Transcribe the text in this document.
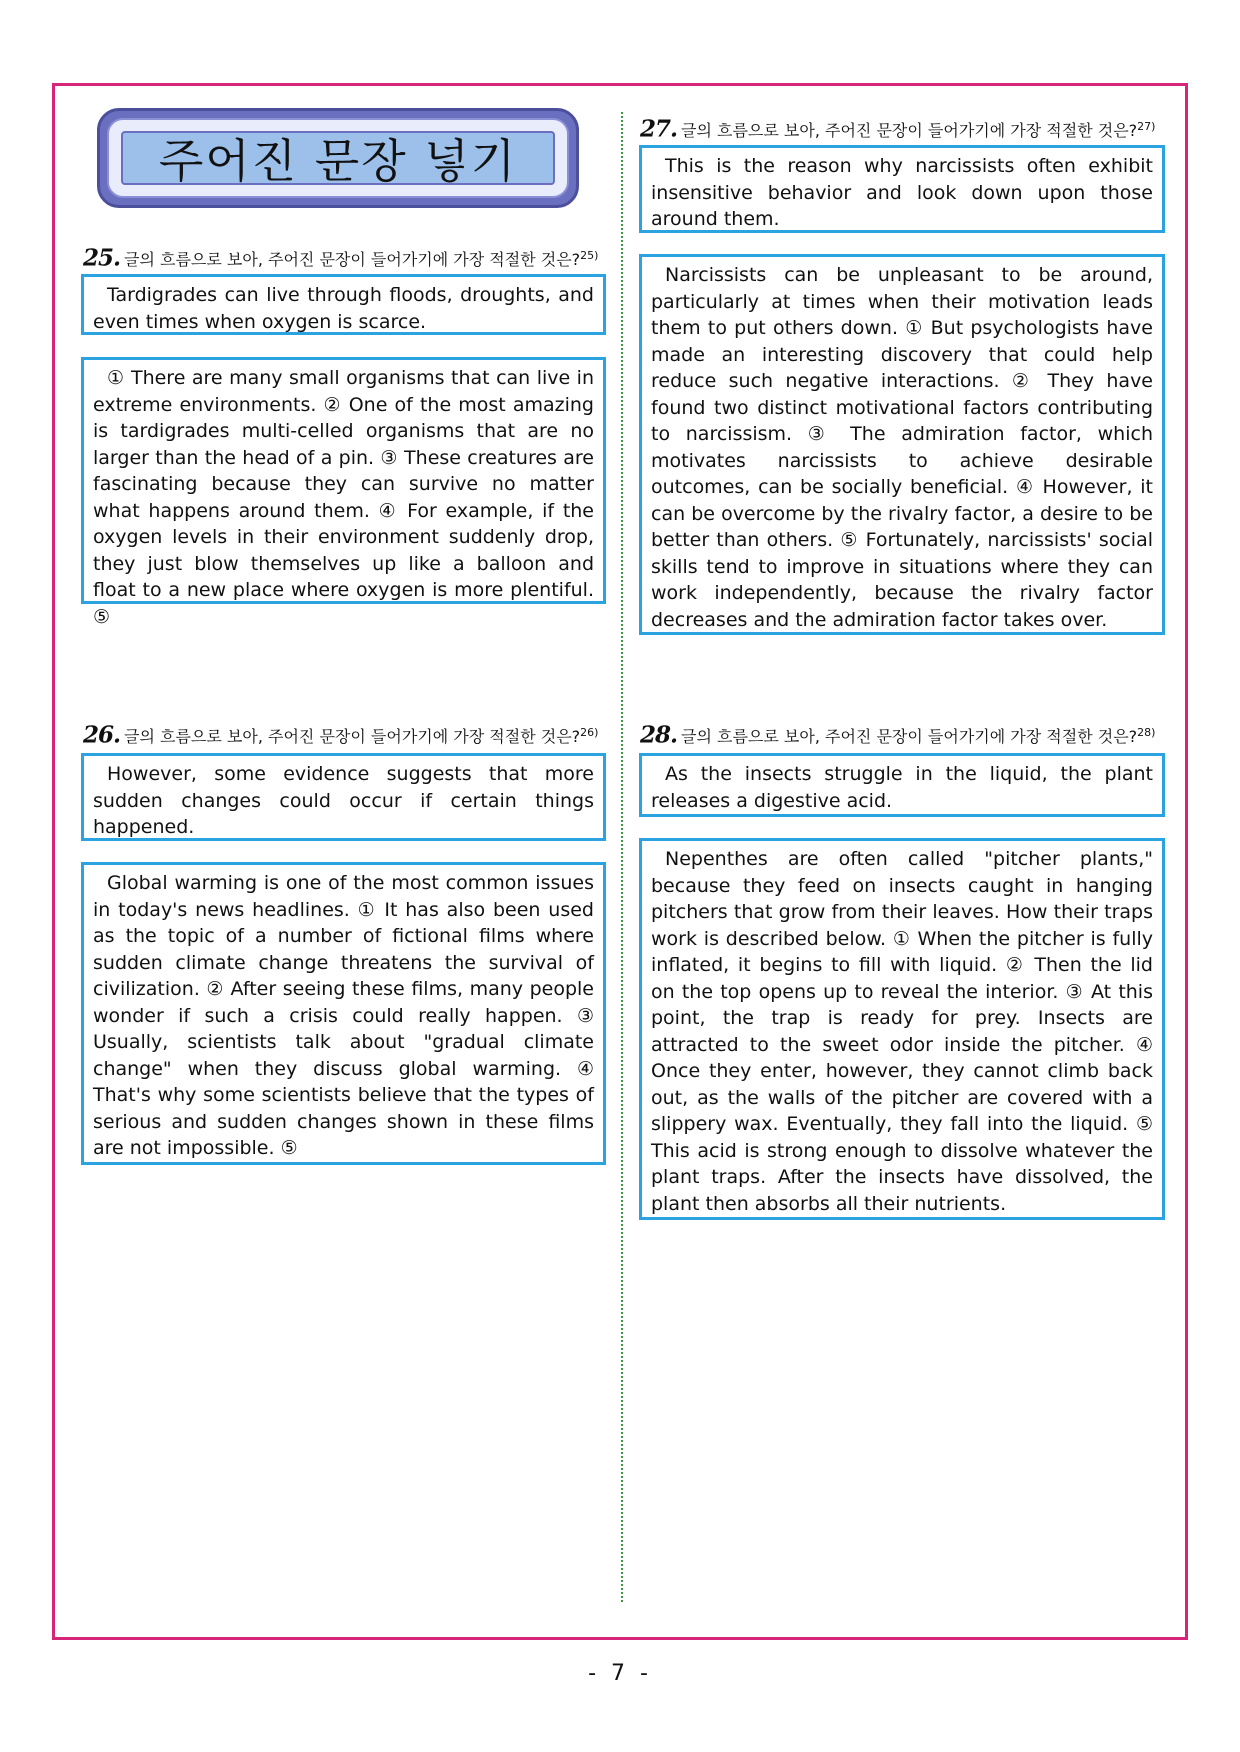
주어진 문장 넣기
25. 글의 흐름으로 보아, 주어진 문장이 들어가기에 가장 적절한 것은?$^{25)}$

Tardigrades can live through floods, droughts, and even times when oxygen is scarce.

① There are many small organisms that can live in extreme environments. ② One of the most amazing is tardigrades multi-celled organisms that are no larger than the head of a pin. ③ These creatures are fascinating because they can survive no matter what happens around them. ④ For example, if the oxygen levels in their environment suddenly drop, they just blow themselves up like a balloon and float to a new place where oxygen is more plentiful. ⑤

26. 글의 흐름으로 보아, 주어진 문장이 들어가기에 가장 적절한 것은?$^{26)}$

However, some evidence suggests that more sudden changes could occur if certain things happened.

Global warming is one of the most common issues in today's news headlines. ① It has also been used as the topic of a number of fictional films where sudden climate change threatens the survival of civilization. ② After seeing these films, many people wonder if such a crisis could really happen. ③ Usually, scientists talk about "gradual climate change" when they discuss global warming. ④ That's why some scientists believe that the types of serious and sudden changes shown in these films are not impossible. ⑤

27. 글의 흐름으로 보아, 주어진 문장이 들어가기에 가장 적절한 것은?$^{27)}$

This is the reason why narcissists often exhibit insensitive behavior and look down upon those around them.

Narcissists can be unpleasant to be around, particularly at times when their motivation leads them to put others down. ① But psychologists have made an interesting discovery that could help reduce such negative interactions. ② They have found two distinct motivational factors contributing to narcissism. ③ The admiration factor, which motivates narcissists to achieve desirable outcomes, can be socially beneficial. ④ However, it can be overcome by the rivalry factor, a desire to be better than others. ⑤ Fortunately, narcissists' social skills tend to improve in situations where they can work independently, because the rivalry factor decreases and the admiration factor takes over.

28. 글의 흐름으로 보아, 주어진 문장이 들어가기에 가장 적절한 것은?$^{28)}$

As the insects struggle in the liquid, the plant releases a digestive acid.

Nepenthes are often called "pitcher plants," because they feed on insects caught in hanging pitchers that grow from their leaves. How their traps work is described below. ① When the pitcher is fully inflated, it begins to fill with liquid. ② Then the lid on the top opens up to reveal the interior. ③ At this point, the trap is ready for prey. Insects are attracted to the sweet odor inside the pitcher. ④ Once they enter, however, they cannot climb back out, as the walls of the pitcher are covered with a slippery wax. Eventually, they fall into the liquid. ⑤ This acid is strong enough to dissolve whatever the plant traps. After the insects have dissolved, the plant then absorbs all their nutrients.

- 7 -
